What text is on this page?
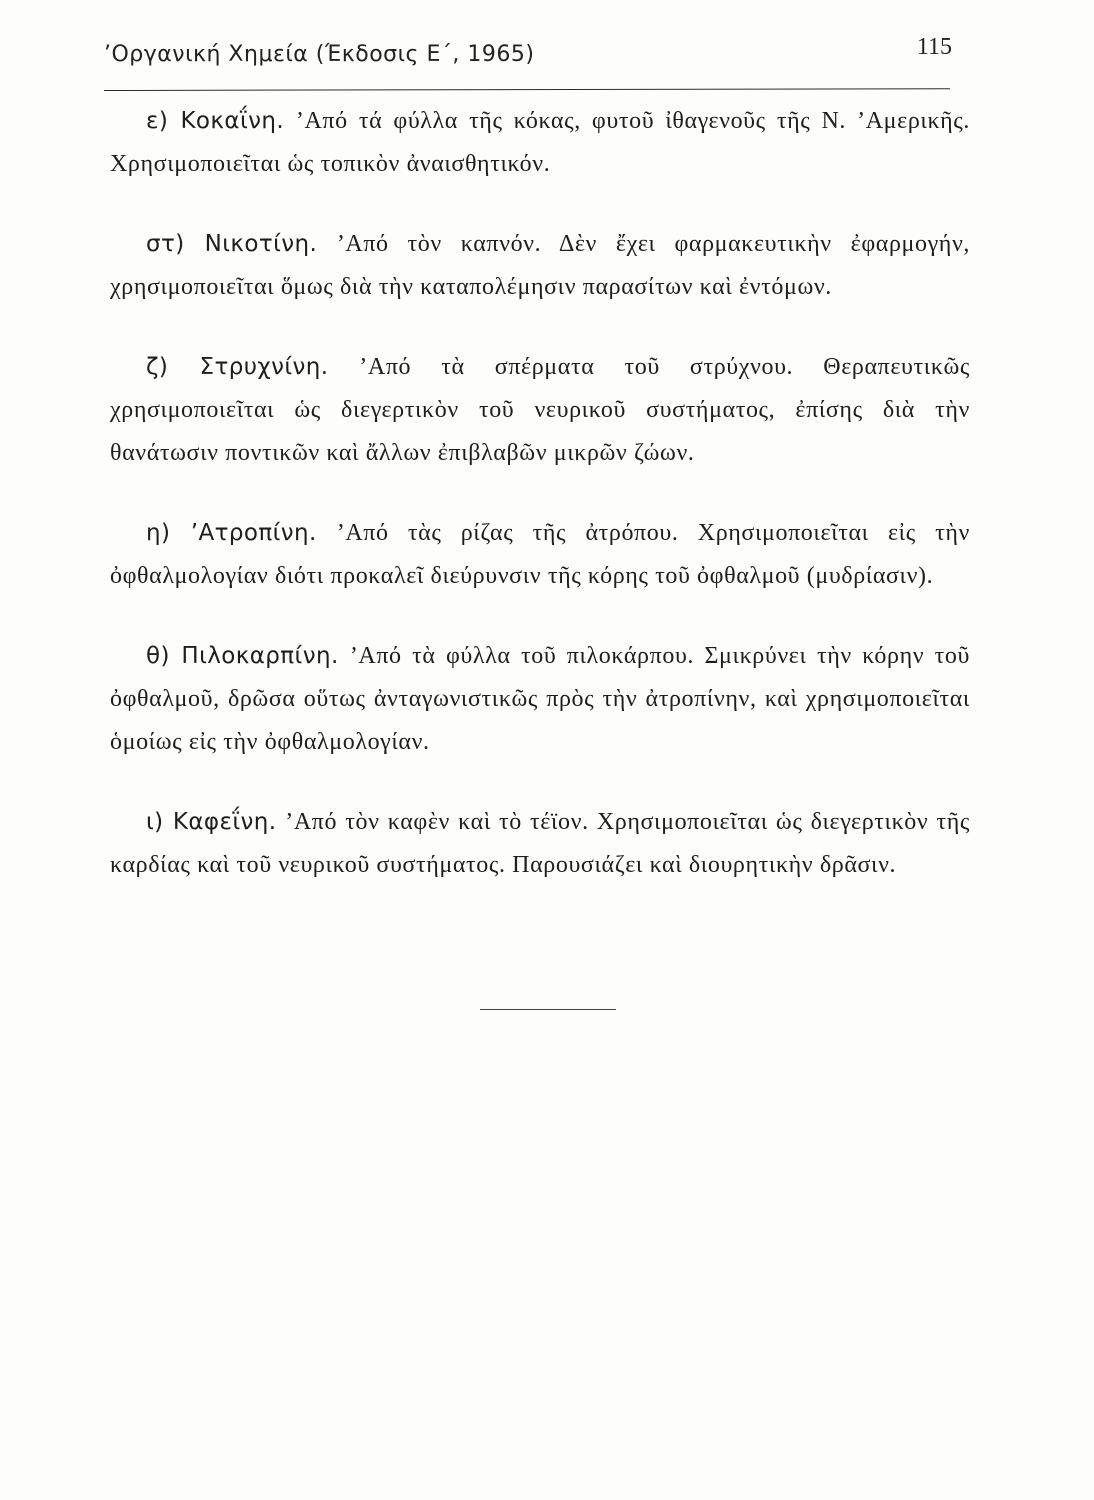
’Οργανική Χημεία (Έκδοσις Ε΄, 1965)	115

ε) Κοκαΐνη. ’Από τά φύλλα τῆς κόκας, φυτοῦ ἰθαγενοῦς τῆς Ν. ’Αμερικῆς. Χρησιμοποιεῖται ὡς τοπικὸν ἀναισθητικόν.

στ) Νικοτίνη. ’Από τὸν καπνόν. Δὲν ἔχει φαρμακευτικὴν ἐφαρμογήν, χρησιμοποιεῖται ὅμως διὰ τὴν καταπολέμησιν παρασίτων καὶ ἐντόμων.

ζ) Στρυχνίνη. ’Από τὰ σπέρματα τοῦ στρύχνου. Θεραπευτικῶς χρησιμοποιεῖται ὡς διεγερτικὸν τοῦ νευρικοῦ συστήματος, ἐπίσης διὰ τὴν θανάτωσιν ποντικῶν καὶ ἄλλων ἐπιβλαβῶν μικρῶν ζώων.

η) ’Ατροπίνη. ’Από τὰς ρίζας τῆς ἀτρόπου. Χρησιμοποιεῖται εἰς τὴν ὀφθαλμολογίαν διότι προκαλεῖ διεύρυνσιν τῆς κόρης τοῦ ὀφθαλμοῦ (μυδρίασιν).

θ) Πιλοκαρπίνη. ’Από τὰ φύλλα τοῦ πιλοκάρπου. Σμικρύνει τὴν κόρην τοῦ ὀφθαλμοῦ, δρῶσα οὕτως ἀνταγωνιστικῶς πρὸς τὴν ἀτροπίνην, καὶ χρησιμοποιεῖται ὁμοίως εἰς τὴν ὀφθαλμολογίαν.

ι) Καφεΐνη. ’Από τὸν καφὲν καὶ τὸ τέϊον. Χρησιμοποιεῖται ὡς διεγερτικὸν τῆς καρδίας καὶ τοῦ νευρικοῦ συστήματος. Παρουσιάζει καὶ διουρητικὴν δρᾶσιν.
